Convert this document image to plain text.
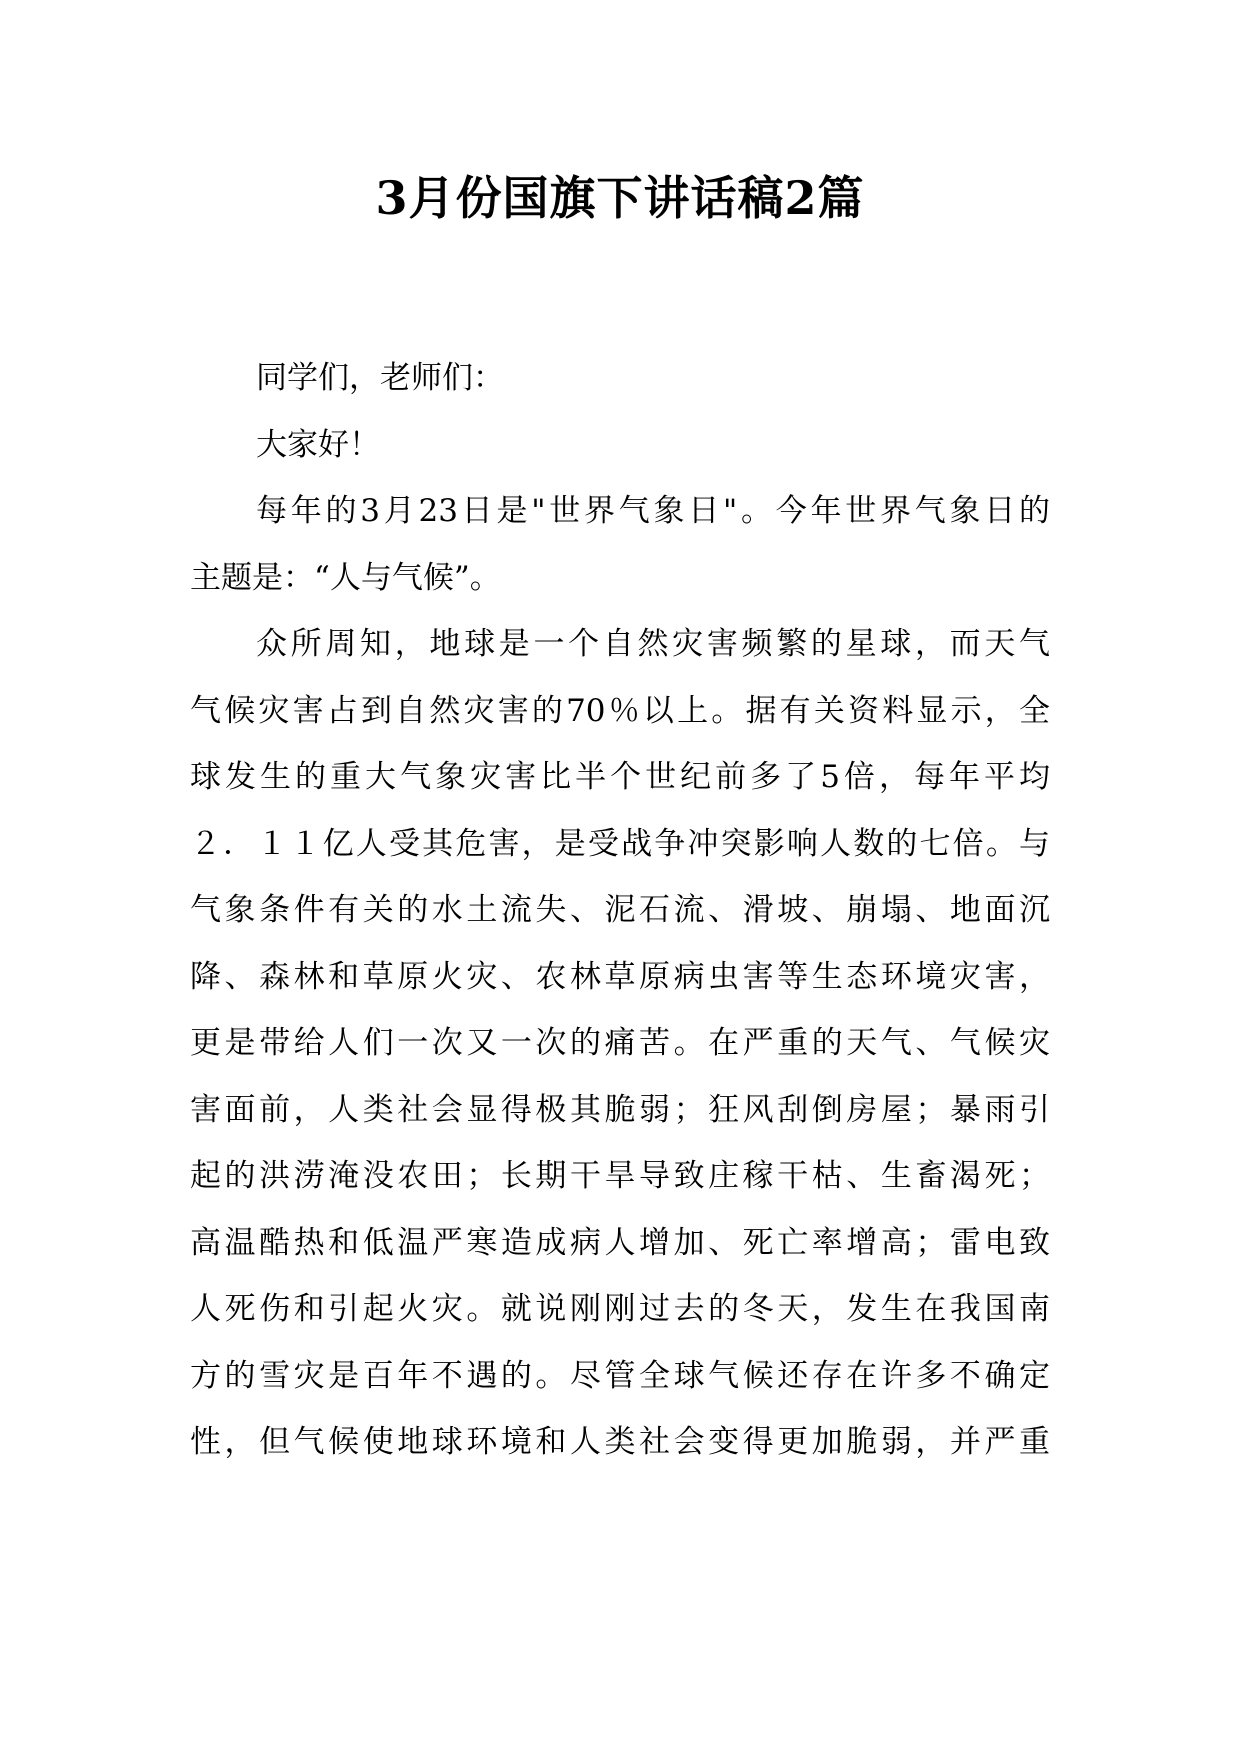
3月份国旗下讲话稿2篇
同学们，老师们：
大家好！
每年的3月23日是"世界气象日"。今年世界气象日的
主题是：“人与气候”。
众所周知，地球是一个自然灾害频繁的星球，而天气
气候灾害占到自然灾害的70％以上。据有关资料显示，全
球发生的重大气象灾害比半个世纪前多了5倍，每年平均
２．１１亿人受其危害，是受战争冲突影响人数的七倍。与
气象条件有关的水土流失、泥石流、滑坡、崩塌、地面沉
降、森林和草原火灾、农林草原病虫害等生态环境灾害，
更是带给人们一次又一次的痛苦。在严重的天气、气候灾
害面前，人类社会显得极其脆弱；狂风刮倒房屋；暴雨引
起的洪涝淹没农田；长期干旱导致庄稼干枯、生畜渴死；
高温酷热和低温严寒造成病人增加、死亡率增高；雷电致
人死伤和引起火灾。就说刚刚过去的冬天，发生在我国南
方的雪灾是百年不遇的。尽管全球气候还存在许多不确定
性，但气候使地球环境和人类社会变得更加脆弱，并严重
